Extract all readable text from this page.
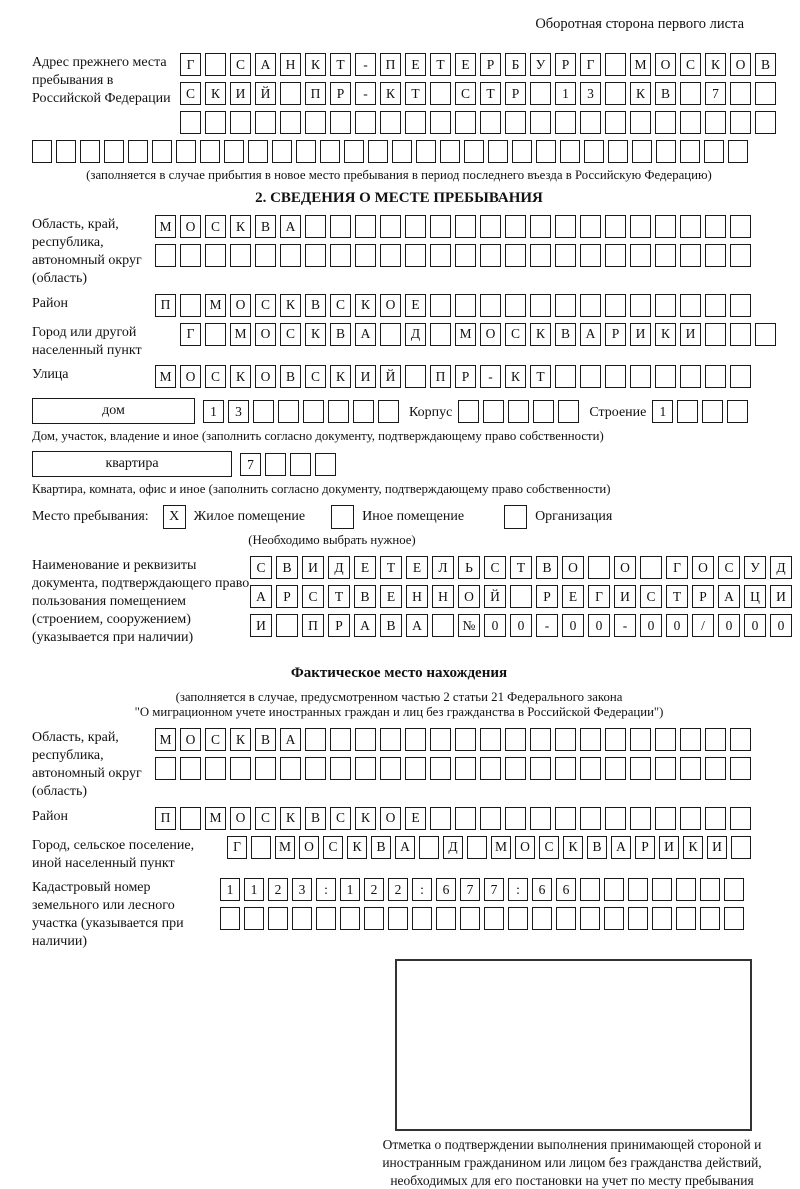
Оборотная сторона первого листа
Адрес прежнего места пребывания в Российской Федерации
Г	С	А	Н	К	Т	-	П	Е	Т	Е	Р	Б	У	Р	Г	М	О	С	К	О	В
С	К	И	Й	П	Р	-	К	Т	С	Т	Р	1	3	К	В	7
(заполняется в случае прибытия в новое место пребывания в период последнего въезда в Российскую Федерацию)
2. СВЕДЕНИЯ О МЕСТЕ ПРЕБЫВАНИЯ
Область, край, республика, автономный округ (область)
М	О	С	К	В	А
Район	П	М	О	С	К	В	С	К	О	Е
Город или другой населенный пункт
Г	М	О	С	К	В	А	Д	М	О	С	К	В	А	Р	И	К	И
Улица	М	О	С	К	О	В	С	К	И	Й	П	Р	-	К	Т
дом	1	3	Корпус	Строение 1
Дом, участок, владение и иное (заполнить согласно документу, подтверждающему право собственности)
квартира	7
Квартира, комната, офис и иное (заполнить согласно документу, подтверждающему право собственности)
Место пребывания:	X	Жилое помещение	Иное помещение	Организация
(Необходимо выбрать нужное)
Наименование и реквизиты документа, подтверждающего право пользования помещением (строением, сооружением) (указывается при наличии)
С	В	И	Д	Е	Т	Е	Л	Ь	С	Т	В	О	О	Г	О	С	У	Д
А	Р	С	Т	В	Е	Н	Н	О	Й	Р	Е	Г	И	С	Т	Р	А	Ц	И
И	П	Р	А	В	А	№	0	0	-	0	0	-	0	0	/	0	0	0
Фактическое место нахождения
(заполняется в случае, предусмотренном частью 2 статьи 21 Федерального закона
"О миграционном учете иностранных граждан и лиц без гражданства в Российской Федерации")
Область, край, республика, автономный округ (область)
М	О	С	К	В	А
Район	П	М	О	С	К	В	С	К	О	Е
Город, сельское поселение, иной населенный пункт
Г	М О	С	К	В	А	Д	М О	С	К	В	А	Р	И	К	И
Кадастровый номер земельного или лесного участка (указывается при наличии)
1	1	2	3	:	1	2	2	:	6	7	7	:	6	6
Отметка о подтверждении выполнения принимающей стороной и иностранным гражданином или лицом без гражданства действий, необходимых для его постановки на учет по месту пребывания
